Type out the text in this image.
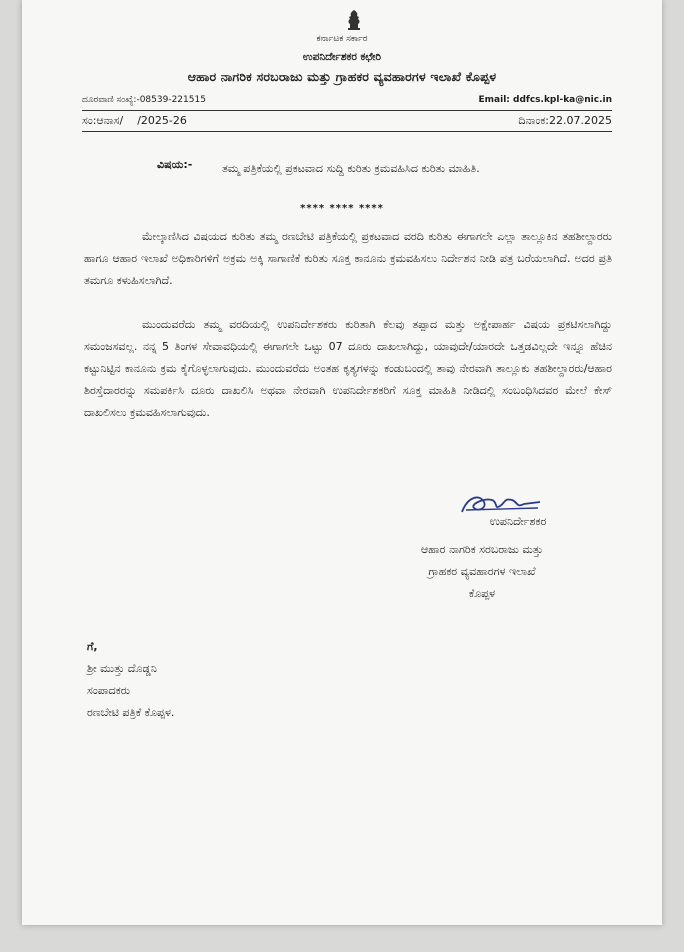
ಕರ್ನಾಟಕ ಸರ್ಕಾರ
ಉಪನಿರ್ದೇಶಕರ ಕಛೇರಿ
ಆಹಾರ ನಾಗರಿಕ ಸರಬರಾಜು ಮತ್ತು ಗ್ರಾಹಕರ ವ್ಯವಹಾರಗಳ ಇಲಾಖೆ ಕೊಪ್ಪಳ
ದೂರವಾಣಿ ಸಂಖ್ಯೆ:-08539-221515	Email: ddfcs.kpl-ka@nic.in
ಸಂ:ಆನಾಸ/    /2025-26	ದಿನಾಂಕ:22.07.2025
ವಿಷಯ:-	ತಮ್ಮ ಪತ್ರಿಕೆಯಲ್ಲಿ ಪ್ರಕಟವಾದ ಸುದ್ದಿ ಕುರಿತು ಕ್ರಮವಹಿಸಿದ ಕುರಿತು ಮಾಹಿತಿ.
**** **** ****

ಮೇಲ್ಕಾಣಿಸಿದ ವಿಷಯದ ಕುರಿತು ತಮ್ಮ ರಣಬೇಟಿ ಪತ್ರಿಕೆಯಲ್ಲಿ ಪ್ರಕಟವಾದ ವರದಿ ಕುರಿತು ಈಗಾಗಲೇ ಎಲ್ಲಾ ತಾಲ್ಲೂಕಿನ ತಹಶೀಲ್ದಾರರು ಹಾಗೂ ಆಹಾರ ಇಲಾಖೆ ಅಧಿಕಾರಿಗಳಿಗೆ ಅಕ್ರಮ ಅಕ್ಕಿ ಸಾಗಾಣಿಕೆ ಕುರಿತು ಸೂಕ್ತ ಕಾನೂನು ಕ್ರಮವಹಿಸಲು ನಿರ್ದೇಶನ ನೀಡಿ ಪತ್ರ ಬರೆಯಲಾಗಿದೆ. ಅದರ ಪ್ರತಿ ತಮಗೂ ಕಳುಹಿಸಲಾಗಿದೆ.

ಮುಂದುವರೆದು ತಮ್ಮ ವರದಿಯಲ್ಲಿ ಉಪನಿರ್ದೇಶಕರು ಕುರಿತಾಗಿ ಕೆಲವು ತಪ್ಪಾದ ಮತ್ತು ಅಕ್ಷೇಪಾರ್ಹ ವಿಷಯ ಪ್ರಕಟಿಸಲಾಗಿದ್ದು ಸಮಂಜಸವಲ್ಲ. ನನ್ನ 5 ತಿಂಗಳ ಸೇವಾವಧಿಯಲ್ಲಿ ಈಗಾಗಲೇ ಒಟ್ಟು 07 ದೂರು ದಾಖಲಾಗಿದ್ದು, ಯಾವುದೇ/ಯಾರದೇ ಒತ್ತಡವಿಲ್ಲದೇ ಇನ್ನೂ ಹೆಚಿನ ಕಟ್ಟುನಿಟ್ಟಿನ ಕಾನೂನು ಕ್ರಮ ಕೈಗೊಳ್ಳಲಾಗುವುದು. ಮುಂದುವರೆದು ಅಂತಹ ಕೃತ್ಯಗಳನ್ನು ಕಂಡುಬಂದಲ್ಲಿ ತಾವು ನೇರವಾಗಿ ತಾಲ್ಲೂಕು ತಹಶೀಲ್ದಾರರು/ಆಹಾರ ಶಿರಸ್ತೆದಾರರನ್ನು ಸಮಪರ್ಕಿಸಿ ದೂರು ದಾಖಲಿಸಿ ಅಥವಾ ನೇರವಾಗಿ ಉಪನಿರ್ದೇಶಕರಿಗೆ ಸೂಕ್ತ ಮಾಹಿತಿ ನೀಡಿದಲ್ಲಿ ಸಂಬಂಧಿಸಿದವರ ಮೇಲೆ ಕೇಸ್ ದಾಖಲಿಸಲು ಕ್ರಮವಹಿಸಲಾಗುವುದು.

ಉಪನಿರ್ದೇಶಕರ
ಆಹಾರ ನಾಗರಿಕ ಸರಬರಾಜು ಮತ್ತು
ಗ್ರಾಹಕರ ವ್ಯವಹಾರಗಳ ಇಲಾಖೆ
ಕೊಪ್ಪಳ
ಗೆ,
ಶ್ರೀ ಮುತ್ತು ದೊಡ್ಡನಿ
ಸಂಪಾದಕರು
ರಣಬೇಟಿ ಪತ್ರಿಕೆ ಕೊಪ್ಪಳ.
